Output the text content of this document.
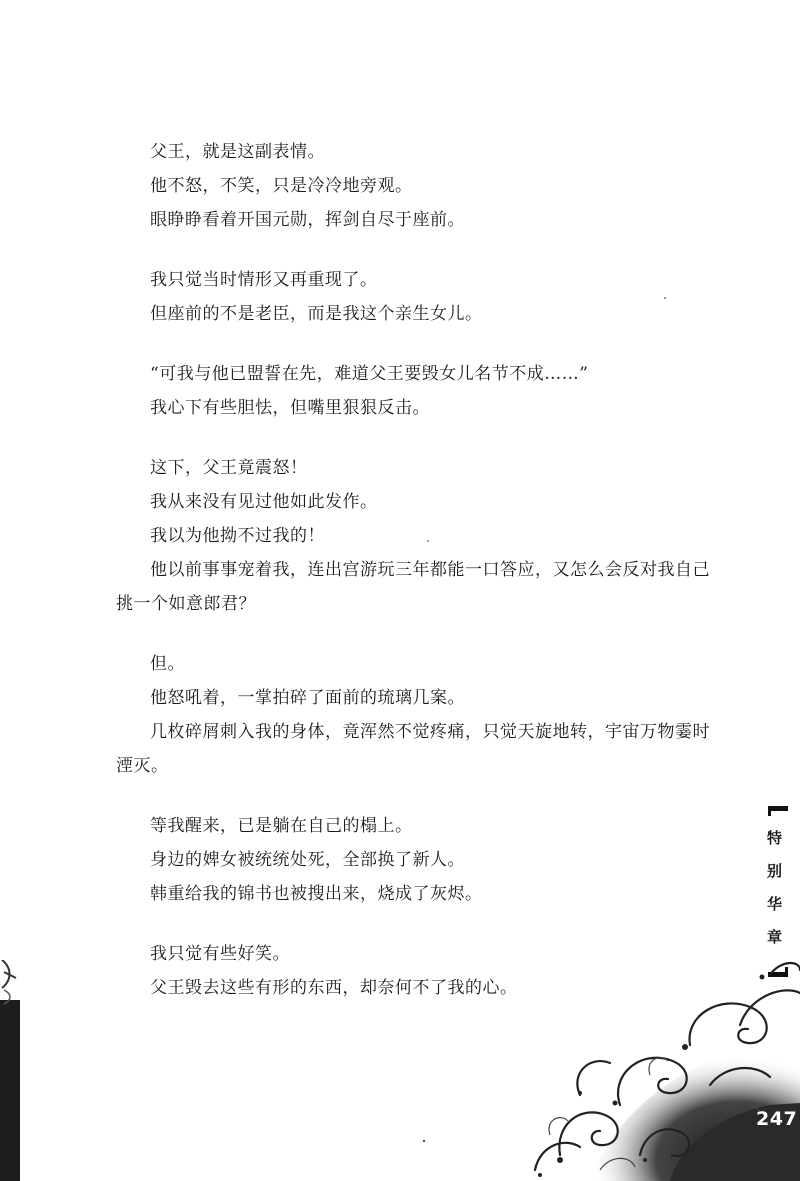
父王，就是这副表情。

他不怒，不笑，只是冷冷地旁观。

眼睁睁看着开国元勋，挥剑自尽于座前。

我只觉当时情形又再重现了。

但座前的不是老臣，而是我这个亲生女儿。

“可我与他已盟誓在先，难道父王要毁女儿名节不成……”

我心下有些胆怯，但嘴里狠狠反击。

这下，父王竟震怒！

我从来没有见过他如此发作。

我以为他拗不过我的！

他以前事事宠着我，连出宫游玩三年都能一口答应，又怎么会反对我自己挑一个如意郎君？

但。

他怒吼着，一掌拍碎了面前的琉璃几案。

几枚碎屑刺入我的身体，竟浑然不觉疼痛，只觉天旋地转，宇宙万物霎时湮灭。

等我醒来，已是躺在自己的榻上。

身边的婢女被统统处死，全部换了新人。

韩重给我的锦书也被搜出来，烧成了灰烬。

我只觉有些好笑。

父王毁去这些有形的东西，却奈何不了我的心。

特别华章
247
